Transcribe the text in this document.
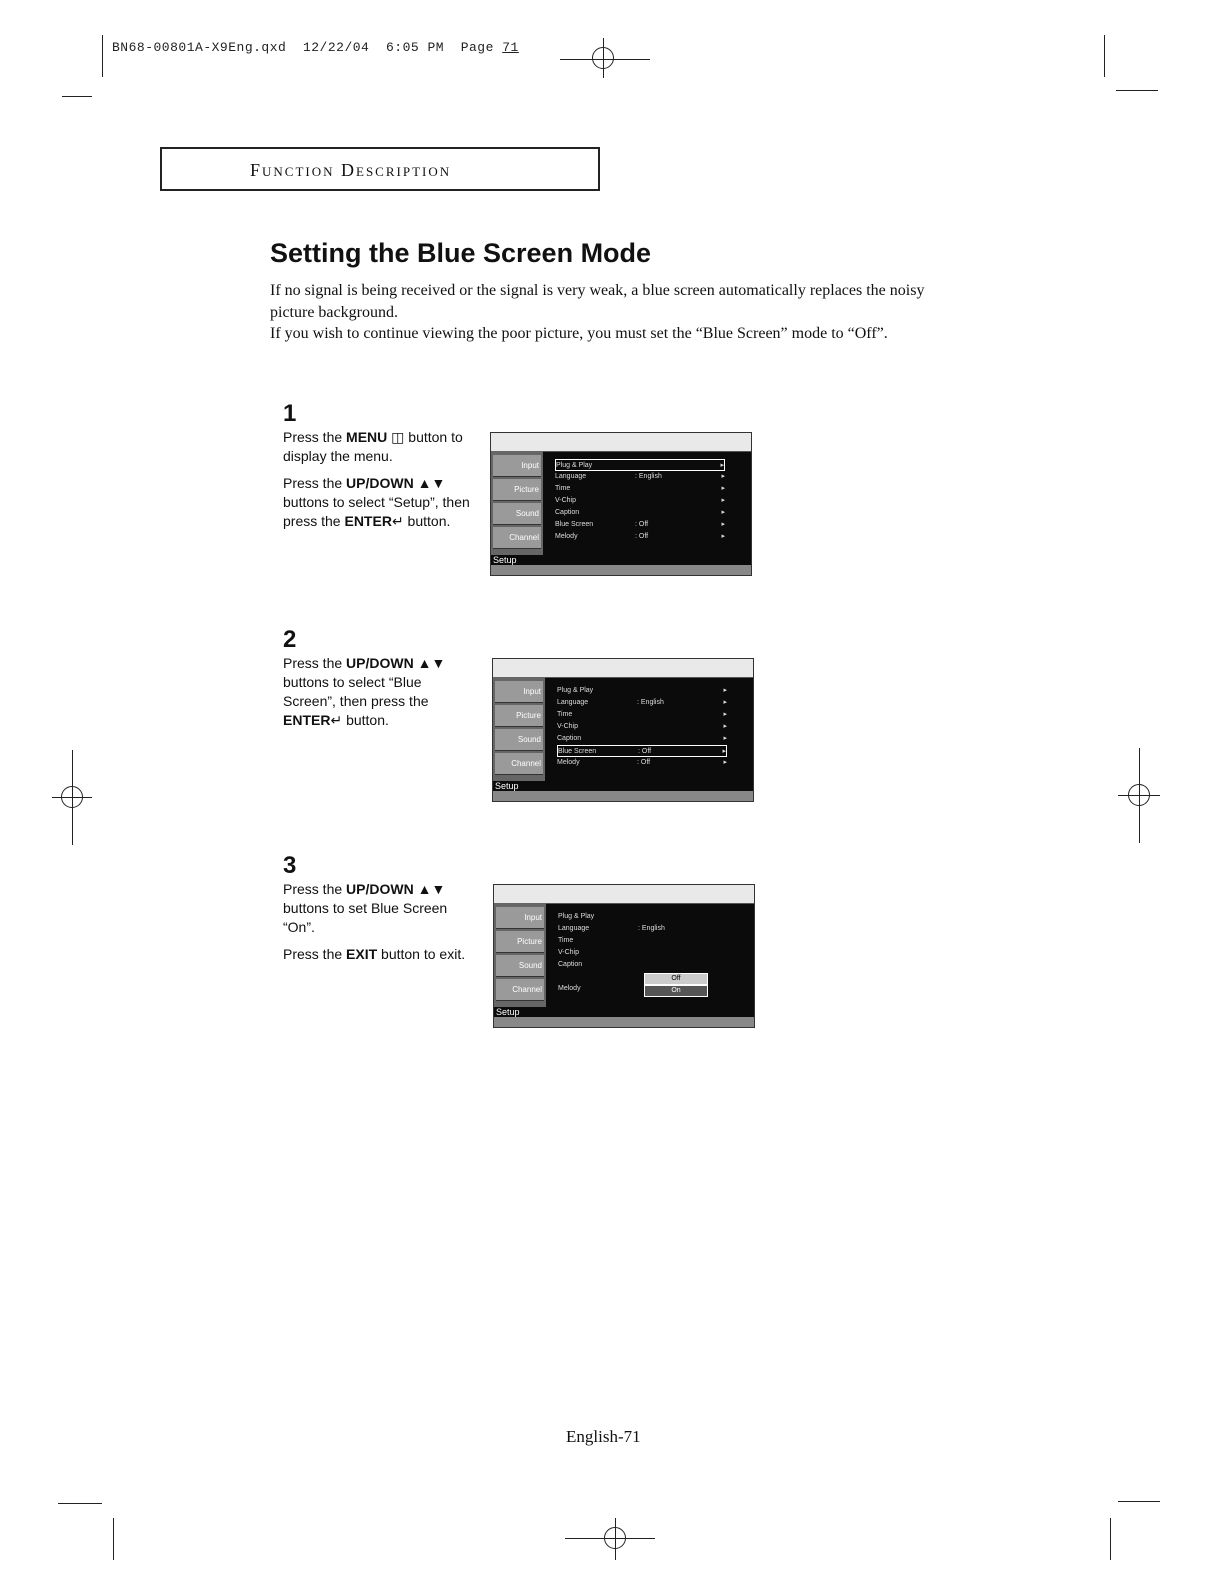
BN68-00801A-X9Eng.qxd 12/22/04 6:05 PM Page 71
Function Description
Setting the Blue Screen Mode

If no signal is being received or the signal is very weak, a blue screen automatically replaces the noisy picture background.

If you wish to continue viewing the poor picture, you must set the “Blue Screen” mode to “Off”.

1

Press the MENU ◫ button to display the menu.

Press the UP/DOWN ▲▼ buttons to select “Setup”, then press the ENTER↵ button.

Input
Picture
Sound
Channel
Setup
Plug & Play	▸
Language	: English	▸
Time	▸
V-Chip	▸
Caption	▸
Blue Screen	: Off	▸
Melody	: Off	▸
2

Press the UP/DOWN ▲▼ buttons to select “Blue Screen”, then press the ENTER↵ button.

Input
Picture
Sound
Channel
Setup
Plug & Play	▸
Language	: English	▸
Time	▸
V-Chip	▸
Caption	▸
Blue Screen	: Off	▸
Melody	: Off	▸
3

Press the UP/DOWN ▲▼ buttons to set Blue Screen “On”.

Press the EXIT button to exit.

Input
Picture
Sound
Channel
Setup
Plug & Play
Language	: English
Time
V-Chip
Caption
Melody
Off
On
English-71
